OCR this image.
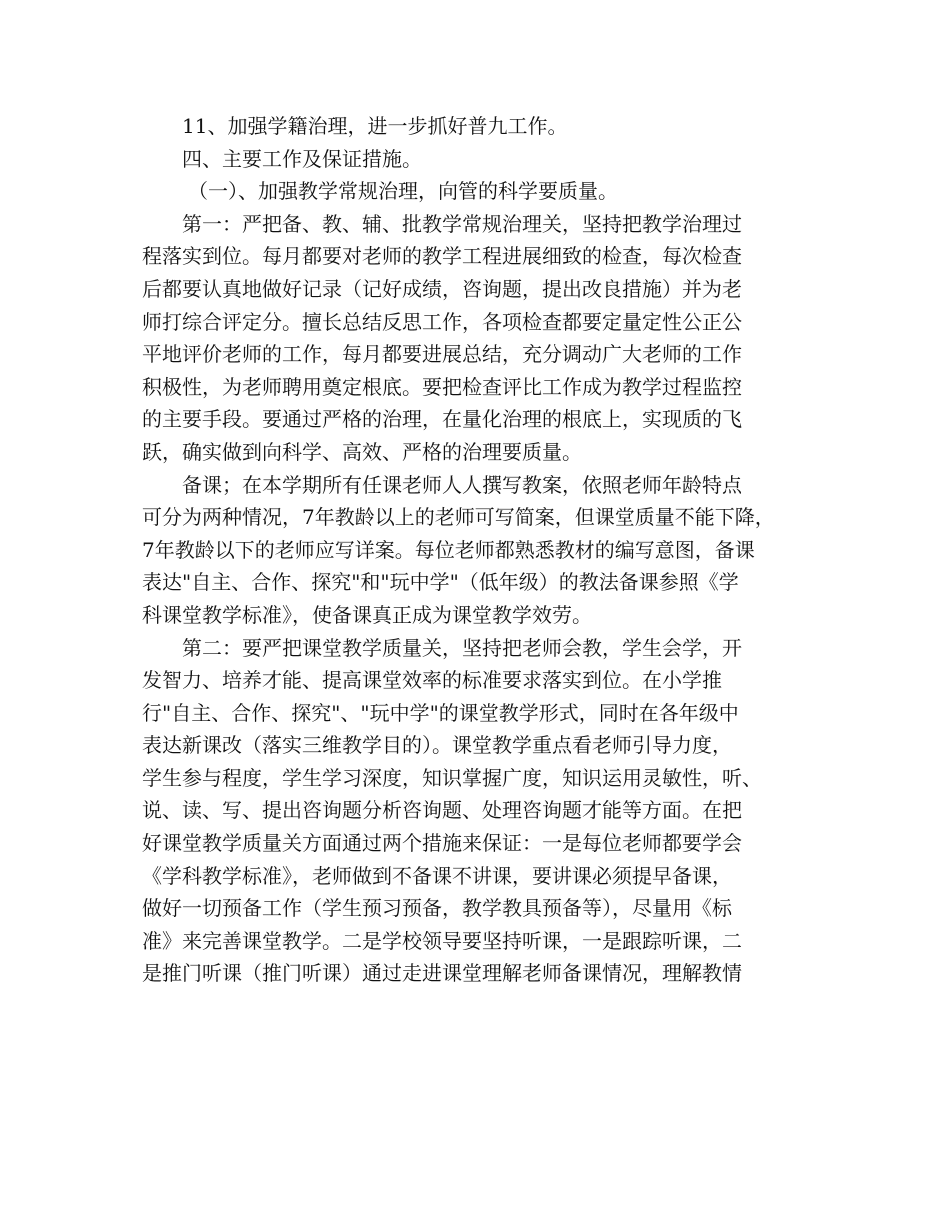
11、加强学籍治理，进一步抓好普九工作。
四、主要工作及保证措施。
（一）、加强教学常规治理，向管的科学要质量。
第一：严把备、教、辅、批教学常规治理关，坚持把教学治理过
程落实到位。每月都要对老师的教学工程进展细致的检查，每次检查
后都要认真地做好记录（记好成绩，咨询题，提出改良措施）并为老
师打综合评定分。擅长总结反思工作，各项检查都要定量定性公正公
平地评价老师的工作，每月都要进展总结，充分调动广大老师的工作
积极性，为老师聘用奠定根底。要把检查评比工作成为教学过程监控
的主要手段。要通过严格的治理，在量化治理的根底上，实现质的飞
跃，确实做到向科学、高效、严格的治理要质量。
备课；在本学期所有任课老师人人撰写教案，依照老师年龄特点
可分为两种情况，7年教龄以上的老师可写简案，但课堂质量不能下降，
7年教龄以下的老师应写详案。每位老师都熟悉教材的编写意图，备课
表达"自主、合作、探究"和"玩中学"（低年级）的教法备课参照《学
科课堂教学标准》，使备课真正成为课堂教学效劳。
第二：要严把课堂教学质量关，坚持把老师会教，学生会学，开
发智力、培养才能、提高课堂效率的标准要求落实到位。在小学推
行"自主、合作、探究"、"玩中学"的课堂教学形式，同时在各年级中
表达新课改（落实三维教学目的）。课堂教学重点看老师引导力度，
学生参与程度，学生学习深度，知识掌握广度，知识运用灵敏性，听、
说、读、写、提出咨询题分析咨询题、处理咨询题才能等方面。在把
好课堂教学质量关方面通过两个措施来保证：一是每位老师都要学会
《学科教学标准》，老师做到不备课不讲课，要讲课必须提早备课，
做好一切预备工作（学生预习预备，教学教具预备等），尽量用《标
准》来完善课堂教学。二是学校领导要坚持听课，一是跟踪听课，二
是推门听课（推门听课）通过走进课堂理解老师备课情况，理解教情
